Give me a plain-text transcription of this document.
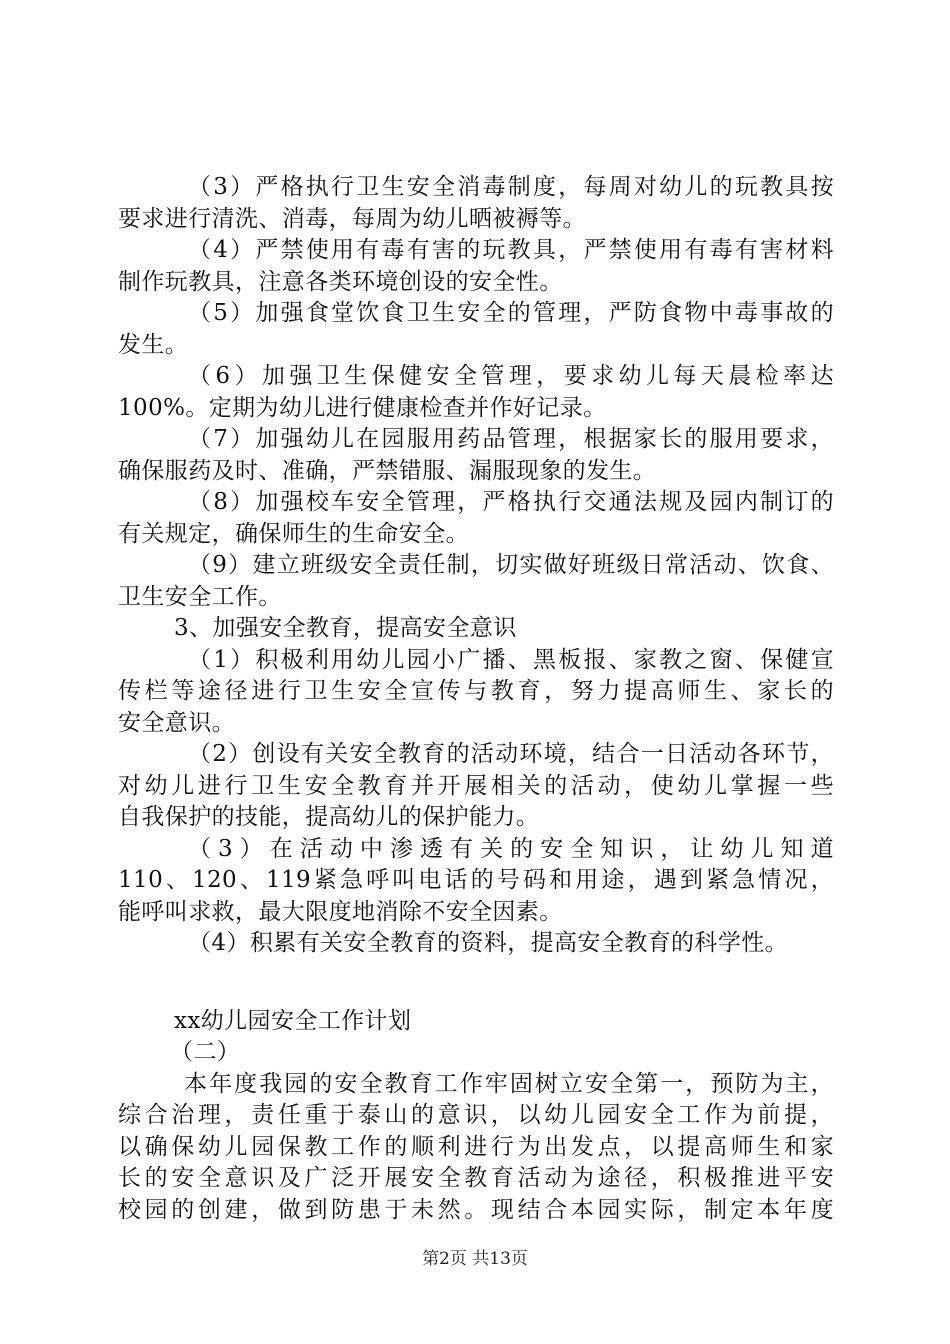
（3）严格执行卫生安全消毒制度，每周对幼儿的玩教具按
要求进行清洗、消毒，每周为幼儿晒被褥等。
（4）严禁使用有毒有害的玩教具，严禁使用有毒有害材料
制作玩教具，注意各类环境创设的安全性。
（5）加强食堂饮食卫生安全的管理，严防食物中毒事故的
发生。
（6）加强卫生保健安全管理，要求幼儿每天晨检率达
100%。定期为幼儿进行健康检查并作好记录。
（7）加强幼儿在园服用药品管理，根据家长的服用要求，
确保服药及时、准确，严禁错服、漏服现象的发生。
（8）加强校车安全管理，严格执行交通法规及园内制订的
有关规定，确保师生的生命安全。
（9）建立班级安全责任制，切实做好班级日常活动、饮食、
卫生安全工作。
3、加强安全教育，提高安全意识
（1）积极利用幼儿园小广播、黑板报、家教之窗、保健宣
传栏等途径进行卫生安全宣传与教育，努力提高师生、家长的
安全意识。
（2）创设有关安全教育的活动环境，结合一日活动各环节，
对幼儿进行卫生安全教育并开展相关的活动，使幼儿掌握一些
自我保护的技能，提高幼儿的保护能力。
（3）在活动中渗透有关的安全知识，让幼儿知道
110、120、119紧急呼叫电话的号码和用途，遇到紧急情况，
能呼叫求救，最大限度地消除不安全因素。
（4）积累有关安全教育的资料，提高安全教育的科学性。
xx幼儿园安全工作计划
（二）
本年度我园的安全教育工作牢固树立安全第一，预防为主，
综合治理，责任重于泰山的意识，以幼儿园安全工作为前提，
以确保幼儿园保教工作的顺利进行为出发点，以提高师生和家
长的安全意识及广泛开展安全教育活动为途径，积极推进平安
校园的创建，做到防患于未然。现结合本园实际，制定本年度
第2页 共13页
